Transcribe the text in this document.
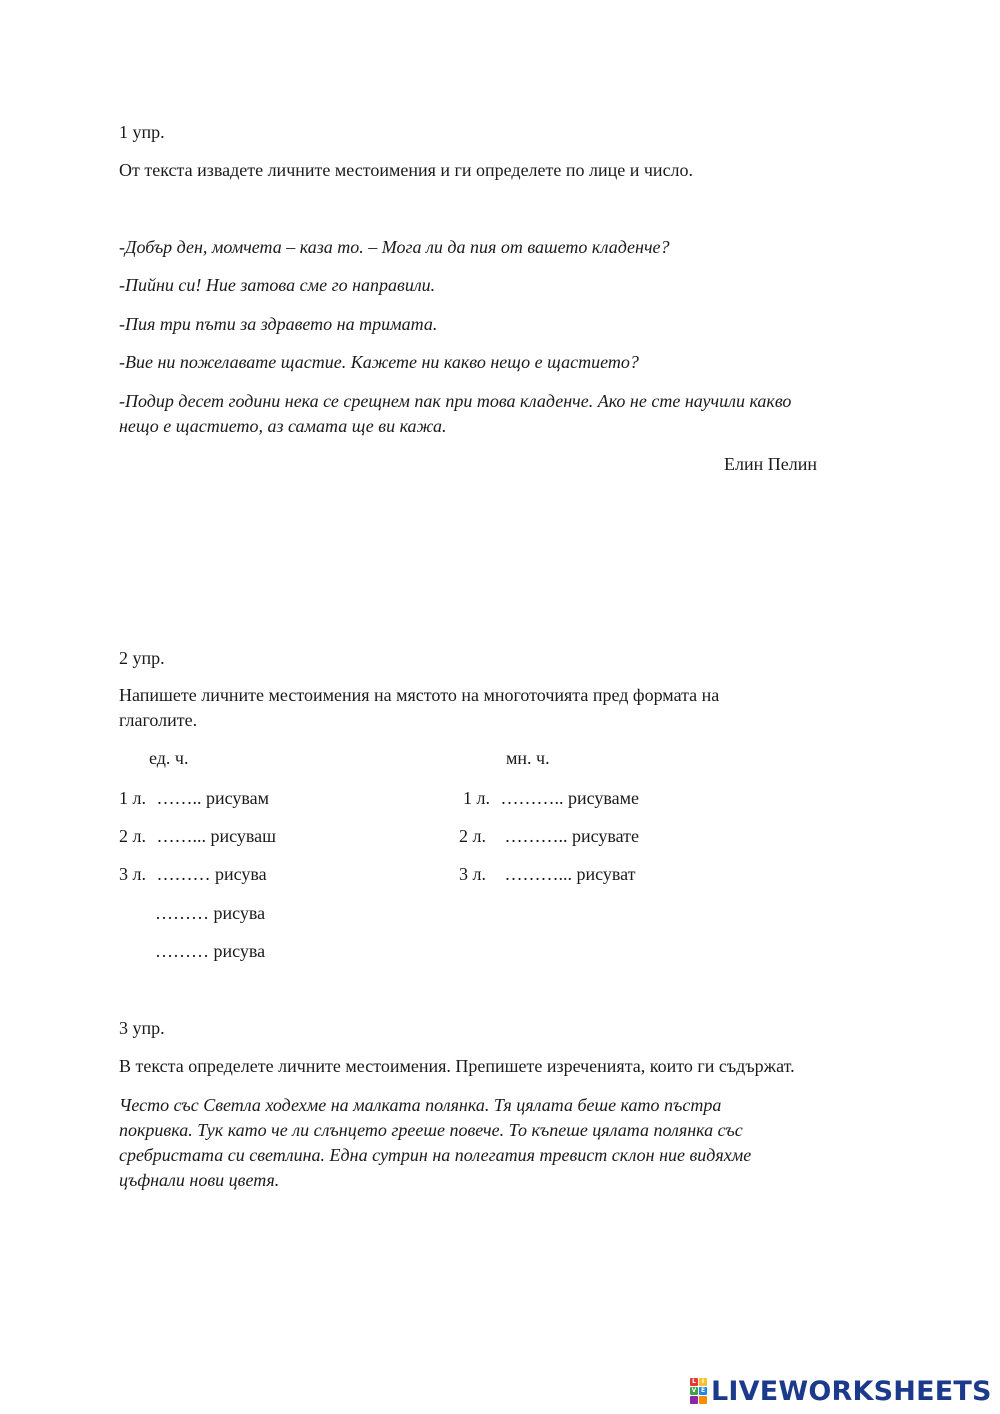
1 упр.
От текста извадете личните местоимения и ги определете по лице и число.
-Добър ден, момчета – каза то. – Мога ли да пия от вашето кладенче?
-Пийни си! Ние затова сме го направили.
-Пия три пъти за здравето на тримата.
-Вие ни пожелавате щастие. Кажете ни какво нещо е щастието?
-Подир десет години нека се срещнем пак при това кладенче. Ако не сте научили какво
нещо е щастието, аз самата ще ви кажа.
Елин Пелин
2 упр.
Напишете личните местоимения на мястото на многоточията пред формата на
глаголите.
ед. ч.	мн. ч.
1 л. …….. рисувам
2 л. ……... рисуваш
3 л. ……… рисува
……… рисува
……… рисува
1 л. ……….. рисуваме
2 л. ……….. рисувате
3 л. ………... рисуват
3 упр.
В текста определете личните местоимения. Препишете изреченията, които ги съдържат.
Често със Светла ходехме на малката полянка. Тя цялата беше като пъстра
покривка. Тук като че ли слънцето грееше повече. То къпеше цялата полянка със
сребристата си светлина. Една сутрин на полегатия тревист склон ние видяхме
цъфнали нови цветя.
L I
V E LIVEWORKSHEETS
